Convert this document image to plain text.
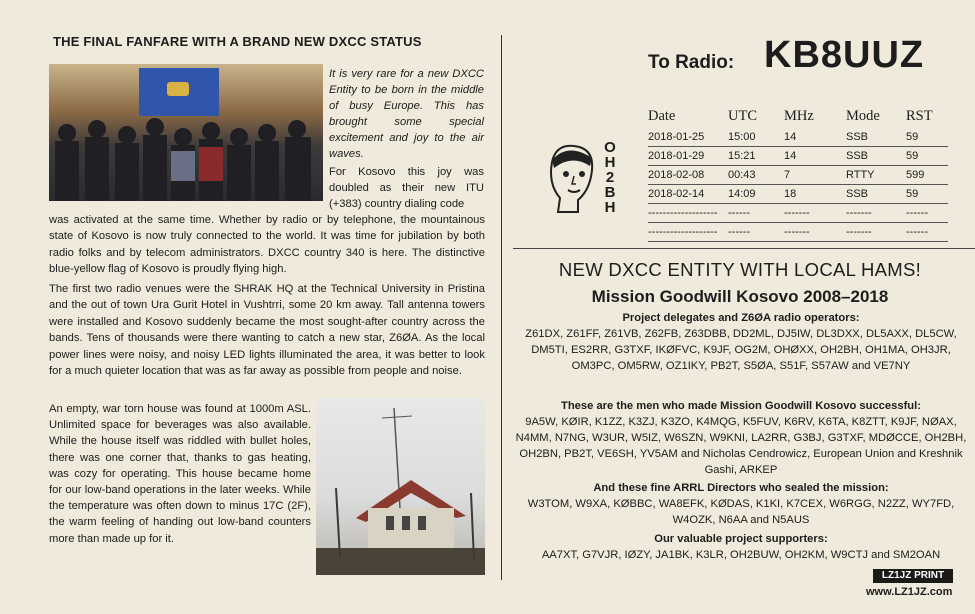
THE FINAL FANFARE WITH A BRAND NEW DXCC STATUS
It is very rare for a new DXCC Entity to be born in the middle of busy Europe. This has brought some special excitement and joy to the air waves.
For Kosovo this joy was doubled as their new ITU (+383) country dialing code
was activated at the same time. Whether by radio or by telephone, the mountainous state of Kosovo is now truly connected to the world. It was time for jubilation by both radio folks and by telecom administrators. DXCC country 340 is here. The distinctive blue-yellow flag of Kosovo is proudly flying high.
The first two radio venues were the SHRAK HQ at the Technical University in Pristina and the out of town Ura Gurit Hotel in Vushtrri, some 20 km away. Tall antenna towers were installed and Kosovo suddenly became the most sought-after country across the bands. Tens of thousands were there wanting to catch a new star, Z6ØA. As the local power lines were noisy, and noisy LED lights illuminated the area, it was better to look for a much quieter location that was as far away as possible from people and noise.
An empty, war torn house was found at 1000m ASL. Unlimited space for beverages was also available. While the house itself was riddled with bullet holes, there was one corner that, thanks to gas heating, was cozy for operating. This house became home for our low-band operations in the later weeks. While the temperature was often down to minus 17C (2F), the warm feeling of handing out low-band counters more than made up for it.
To Radio: KB8UUZ
Date	UTC	MHz	Mode	RST
2018-01-25	15:00	14	SSB	59
2018-01-29	15:21	14	SSB	59
2018-02-08	00:43	7	RTTY	599
2018-02-14	14:09	18	SSB	59
-------------------	------	-------	-------	------
-------------------	------	-------	-------	------
O
H
2
B
H
NEW DXCC ENTITY WITH LOCAL HAMS!
Mission Goodwill Kosovo 2008–2018
Project delegates and Z6ØA radio operators:
Z61DX, Z61FF, Z61VB, Z62FB, Z63DBB, DD2ML, DJ5IW, DL3DXX, DL5AXX, DL5CW, DM5TI, ES2RR, G3TXF, IKØFVC, K9JF, OG2M, OHØXX, OH2BH, OH1MA, OH3JR, OM3PC, OM5RW, OZ1IKY, PB2T, S5ØA, S51F, S57AW and VE7NY
These are the men who made Mission Goodwill Kosovo successful:
9A5W, KØIR, K1ZZ, K3ZJ, K3ZO, K4MQG, K5FUV, K6RV, K6TA, K8ZTT, K9JF, NØAX, N4MM, N7NG, W3UR, W5IZ, W6SZN, W9KNI, LA2RR, G3BJ, G3TXF, MDØCCE, OH2BH, OH2BN, PB2T, VE6SH, YV5AM and Nicholas Cendrowicz, European Union and Kreshnik Gashi, ARKEP
And these fine ARRL Directors who sealed the mission:
W3TOM, W9XA, KØBBC, WA8EFK, KØDAS, K1KI, K7CEX, W6RGG, N2ZZ, WY7FD, W4OZK, N6AA and N5AUS
Our valuable project supporters:
AA7XT, G7VJR, IØZY, JA1BK, K3LR, OH2BUW, OH2KM, W9CTJ and SM2OAN
LZ1JZ PRINT
www.LZ1JZ.com
